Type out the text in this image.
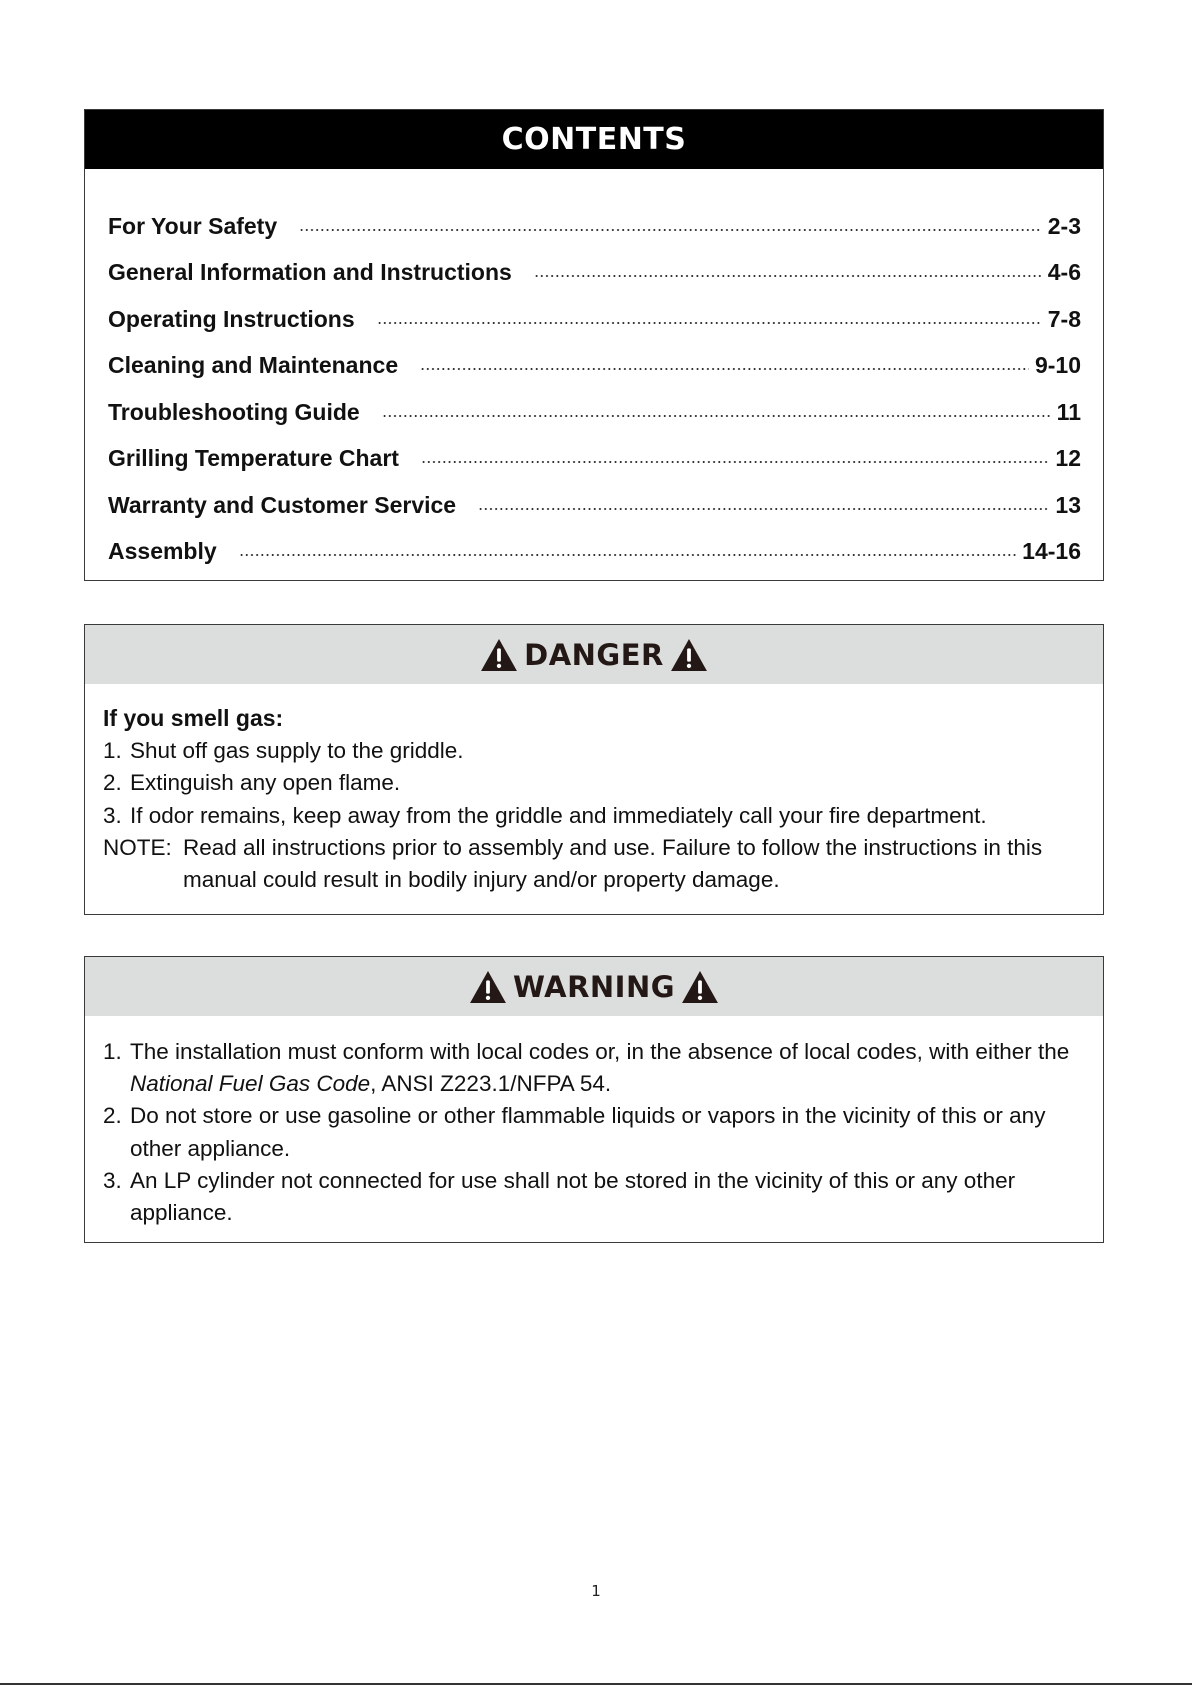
CONTENTS
For Your Safety	2-3
General Information and Instructions	4-6
Operating Instructions	7-8
Cleaning and Maintenance	9-10
Troubleshooting Guide	11
Grilling Temperature Chart	12
Warranty and Customer Service	13
Assembly	14-16
DANGER
If you smell gas:
1. Shut off gas supply to the griddle.
2. Extinguish any open flame.
3. If odor remains, keep away from the griddle and immediately call your fire department.
NOTE: Read all instructions prior to assembly and use. Failure to follow the instructions in this manual could result in bodily injury and/or property damage.
WARNING
1. The installation must conform with local codes or, in the absence of local codes, with either the National Fuel Gas Code, ANSI Z223.1/NFPA 54.
2. Do not store or use gasoline or other flammable liquids or vapors in the vicinity of this or any other appliance.
3. An LP cylinder not connected for use shall not be stored in the vicinity of this or any other appliance.
1
